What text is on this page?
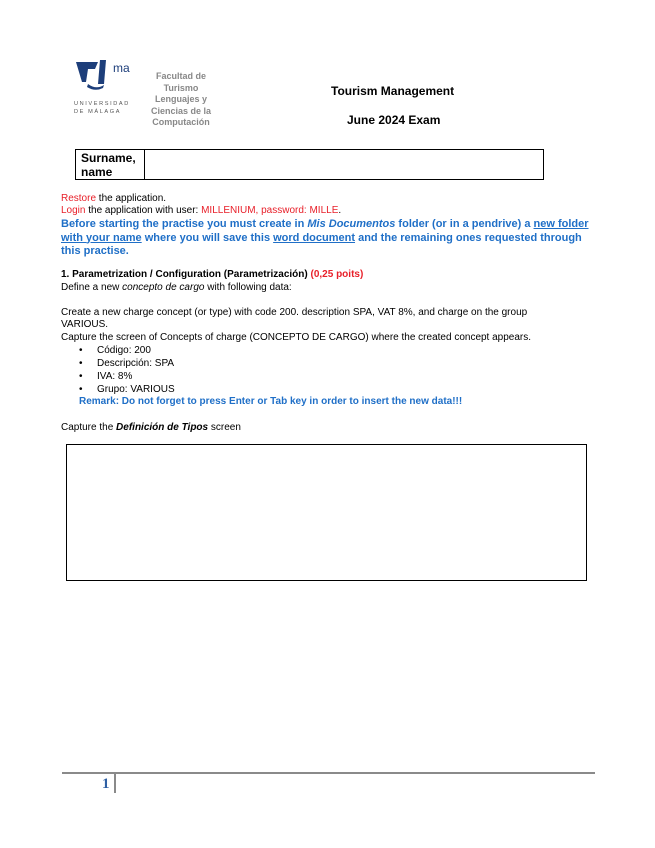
ma
UNIVERSIDAD
DE MÁLAGA
Facultad de
Turismo
Lenguajes y
Ciencias de la
Computación
Tourism Management
June 2024 Exam
Surname,
name
Restore the application.
Login the application with user: MILLENIUM, password: MILLE.
Before starting the practise you must create in Mis Documentos folder (or in a pendrive) a new folder with your name where you will save this word document and the remaining ones requested through this practise.
1. Parametrization / Configuration (Parametrización) (0,25 poits)
Define a new concepto de cargo with following data:
Create a new charge concept (or type) with code 200. description SPA, VAT 8%, and charge on the group
VARIOUS.
Capture the screen of Concepts of charge (CONCEPTO DE CARGO) where the created concept appears.
• Código: 200
• Descripción: SPA
• IVA: 8%
• Grupo: VARIOUS
Remark: Do not forget to press Enter or Tab key in order to insert the new data!!!
Capture the Definición de Tipos screen
1
